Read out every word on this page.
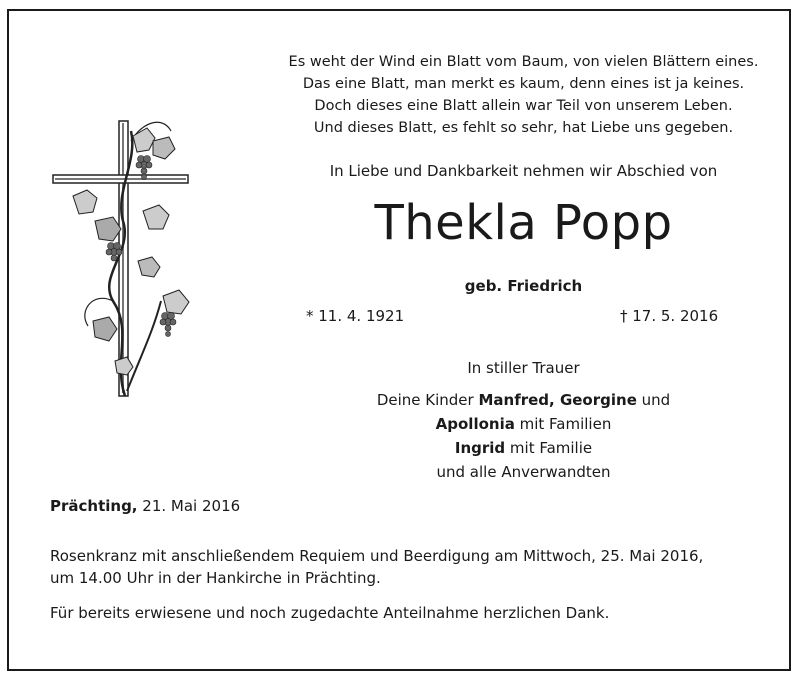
Es weht der Wind ein Blatt vom Baum, von vielen Blättern eines.
Das eine Blatt, man merkt es kaum, denn eines ist ja keines.
Doch dieses eine Blatt allein war Teil von unserem Leben.
Und dieses Blatt, es fehlt so sehr, hat Liebe uns gegeben.
In Liebe und Dankbarkeit nehmen wir Abschied von
Thekla Popp
geb. Friedrich
* 11. 4. 1921	† 17. 5. 2016
In stiller Trauer
Deine Kinder Manfred, Georgine und
Apollonia mit Familien
Ingrid mit Familie
und alle Anverwandten
Prächting, 21. Mai 2016
Rosenkranz mit anschließendem Requiem und Beerdigung am Mittwoch, 25. Mai 2016,
um 14.00 Uhr in der Hankirche in Prächting.
Für bereits erwiesene und noch zugedachte Anteilnahme herzlichen Dank.
